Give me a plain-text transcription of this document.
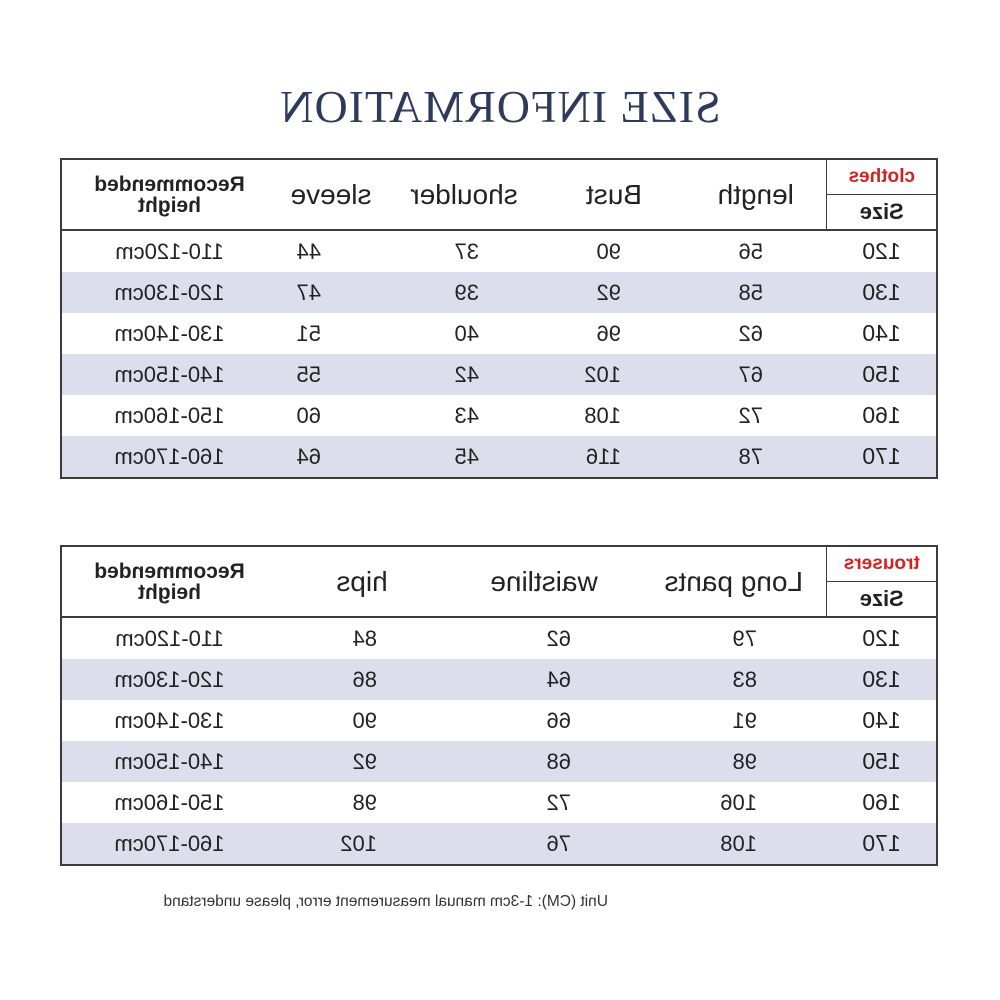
SIZE INFORMATION
clothes	length	Bust	shoulder	sleeve	Recommended
height

Size					
120	56	90	37	44	110-120cm
130	58	92	39	47	120-130cm
140	62	96	40	51	130-140cm
150	67	102	42	55	140-150cm
160	72	108	43	60	150-160cm
170	78	116	45	64	160-170cm
trousers	Long pants	waistline	hips	Recommended
height

Size				
120	79	62	84	110-120cm
130	83	64	86	120-130cm
140	91	66	90	130-140cm
150	98	68	92	140-150cm
160	106	72	98	150-160cm
170	108	76	102	160-170cm
Unit (CM): 1-3cm manual measurement error, please understand
